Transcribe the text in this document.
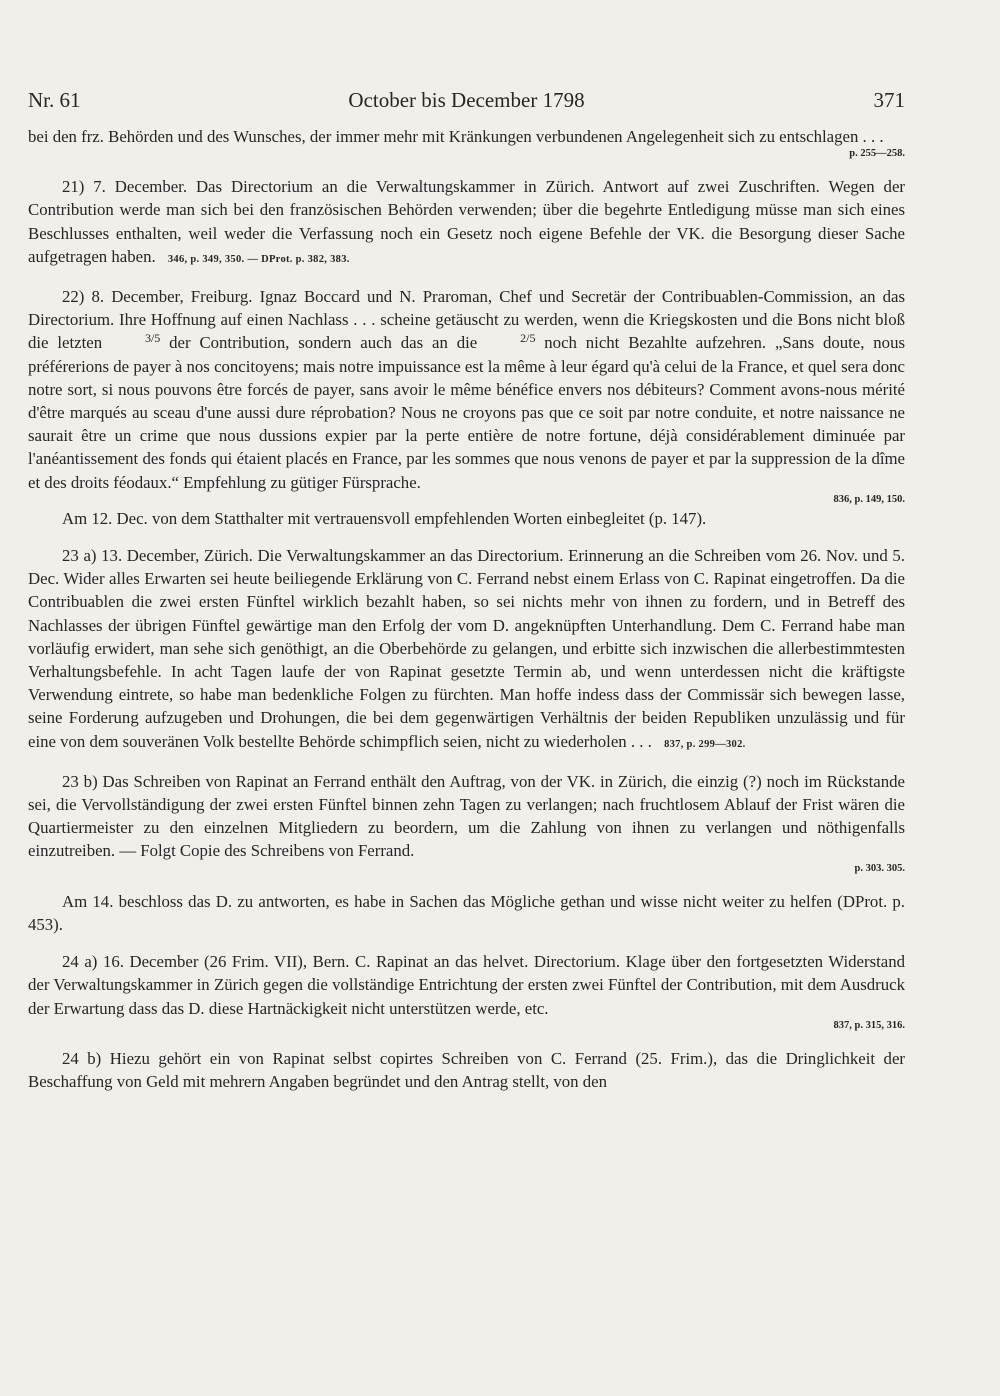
Nr. 61	October bis December 1798	371

bei den frz. Behörden und des Wunsches, der immer mehr mit Kränkungen verbundenen Angelegenheit sich zu entschlagen . . .

p. 255—258.

21) 7. December. Das Directorium an die Verwaltungskammer in Zürich. Antwort auf zwei Zuschriften. Wegen der Contribution werde man sich bei den französischen Behörden verwenden; über die begehrte Entledigung müsse man sich eines Beschlusses enthalten, weil weder die Verfassung noch ein Gesetz noch eigene Befehle der VK. die Besorgung dieser Sache aufgetragen haben. 346, p. 349, 350. — DProt. p. 382, 383.

22) 8. December, Freiburg. Ignaz Boccard und N. Praroman, Chef und Secretär der Contribuablen-Commission, an das Directorium. Ihre Hoffnung auf einen Nachlass . . . scheine getäuscht zu werden, wenn die Kriegskosten und die Bons nicht bloß die letzten	3/5 der Contribution, sondern auch das an die	2/5 noch nicht Bezahlte aufzehren. „Sans doute, nous préférerions de payer à nos concitoyens; mais notre impuissance est la même à leur égard qu'à celui de la France, et quel sera donc notre sort, si nous pouvons être forcés de payer, sans avoir le même bénéfice envers nos débiteurs? Comment avons-nous mérité d'être marqués au sceau d'une aussi dure réprobation? Nous ne croyons pas que ce soit par notre conduite, et notre naissance ne saurait être un crime que nous dussions expier par la perte entière de notre fortune, déjà considérablement diminuée par l'anéantissement des fonds qui étaient placés en France, par les sommes que nous venons de payer et par la suppression de la dîme et des droits féodaux.“ Empfehlung zu gütiger Fürsprache.

836, p. 149, 150.

Am 12. Dec. von dem Statthalter mit vertrauensvoll empfehlenden Worten einbegleitet (p. 147).

23 a) 13. December, Zürich. Die Verwaltungskammer an das Directorium. Erinnerung an die Schreiben vom 26. Nov. und 5. Dec. Wider alles Erwarten sei heute beiliegende Erklärung von C. Ferrand nebst einem Erlass von C. Rapinat eingetroffen. Da die Contribuablen die zwei ersten Fünftel wirklich bezahlt haben, so sei nichts mehr von ihnen zu fordern, und in Betreff des Nachlasses der übrigen Fünftel gewärtige man den Erfolg der vom D. angeknüpften Unterhandlung. Dem C. Ferrand habe man vorläufig erwidert, man sehe sich genöthigt, an die Oberbehörde zu gelangen, und erbitte sich inzwischen die allerbestimmtesten Verhaltungsbefehle. In acht Tagen laufe der von Rapinat gesetzte Termin ab, und wenn unterdessen nicht die kräftigste Verwendung eintrete, so habe man bedenkliche Folgen zu fürchten. Man hoffe indess dass der Commissär sich bewegen lasse, seine Forderung aufzugeben und Drohungen, die bei dem gegenwärtigen Verhältnis der beiden Republiken unzulässig und für eine von dem souveränen Volk bestellte Behörde schimpflich seien, nicht zu wiederholen . . . 837, p. 299—302.

23 b) Das Schreiben von Rapinat an Ferrand enthält den Auftrag, von der VK. in Zürich, die einzig (?) noch im Rückstande sei, die Vervollständigung der zwei ersten Fünftel binnen zehn Tagen zu verlangen; nach fruchtlosem Ablauf der Frist wären die Quartiermeister zu den einzelnen Mitgliedern zu beordern, um die Zahlung von ihnen zu verlangen und nöthigenfalls einzutreiben. — Folgt Copie des Schreibens von Ferrand.

p. 303. 305.

Am 14. beschloss das D. zu antworten, es habe in Sachen das Mögliche gethan und wisse nicht weiter zu helfen (DProt. p. 453).

24 a) 16. December (26 Frim. VII), Bern. C. Rapinat an das helvet. Directorium. Klage über den fortgesetzten Widerstand der Verwaltungskammer in Zürich gegen die vollständige Entrichtung der ersten zwei Fünftel der Contribution, mit dem Ausdruck der Erwartung dass das D. diese Hartnäckigkeit nicht unterstützen werde, etc.

837, p. 315, 316.

24 b) Hiezu gehört ein von Rapinat selbst copirtes Schreiben von C. Ferrand (25. Frim.), das die Dringlichkeit der Beschaffung von Geld mit mehrern Angaben begründet und den Antrag stellt, von den
